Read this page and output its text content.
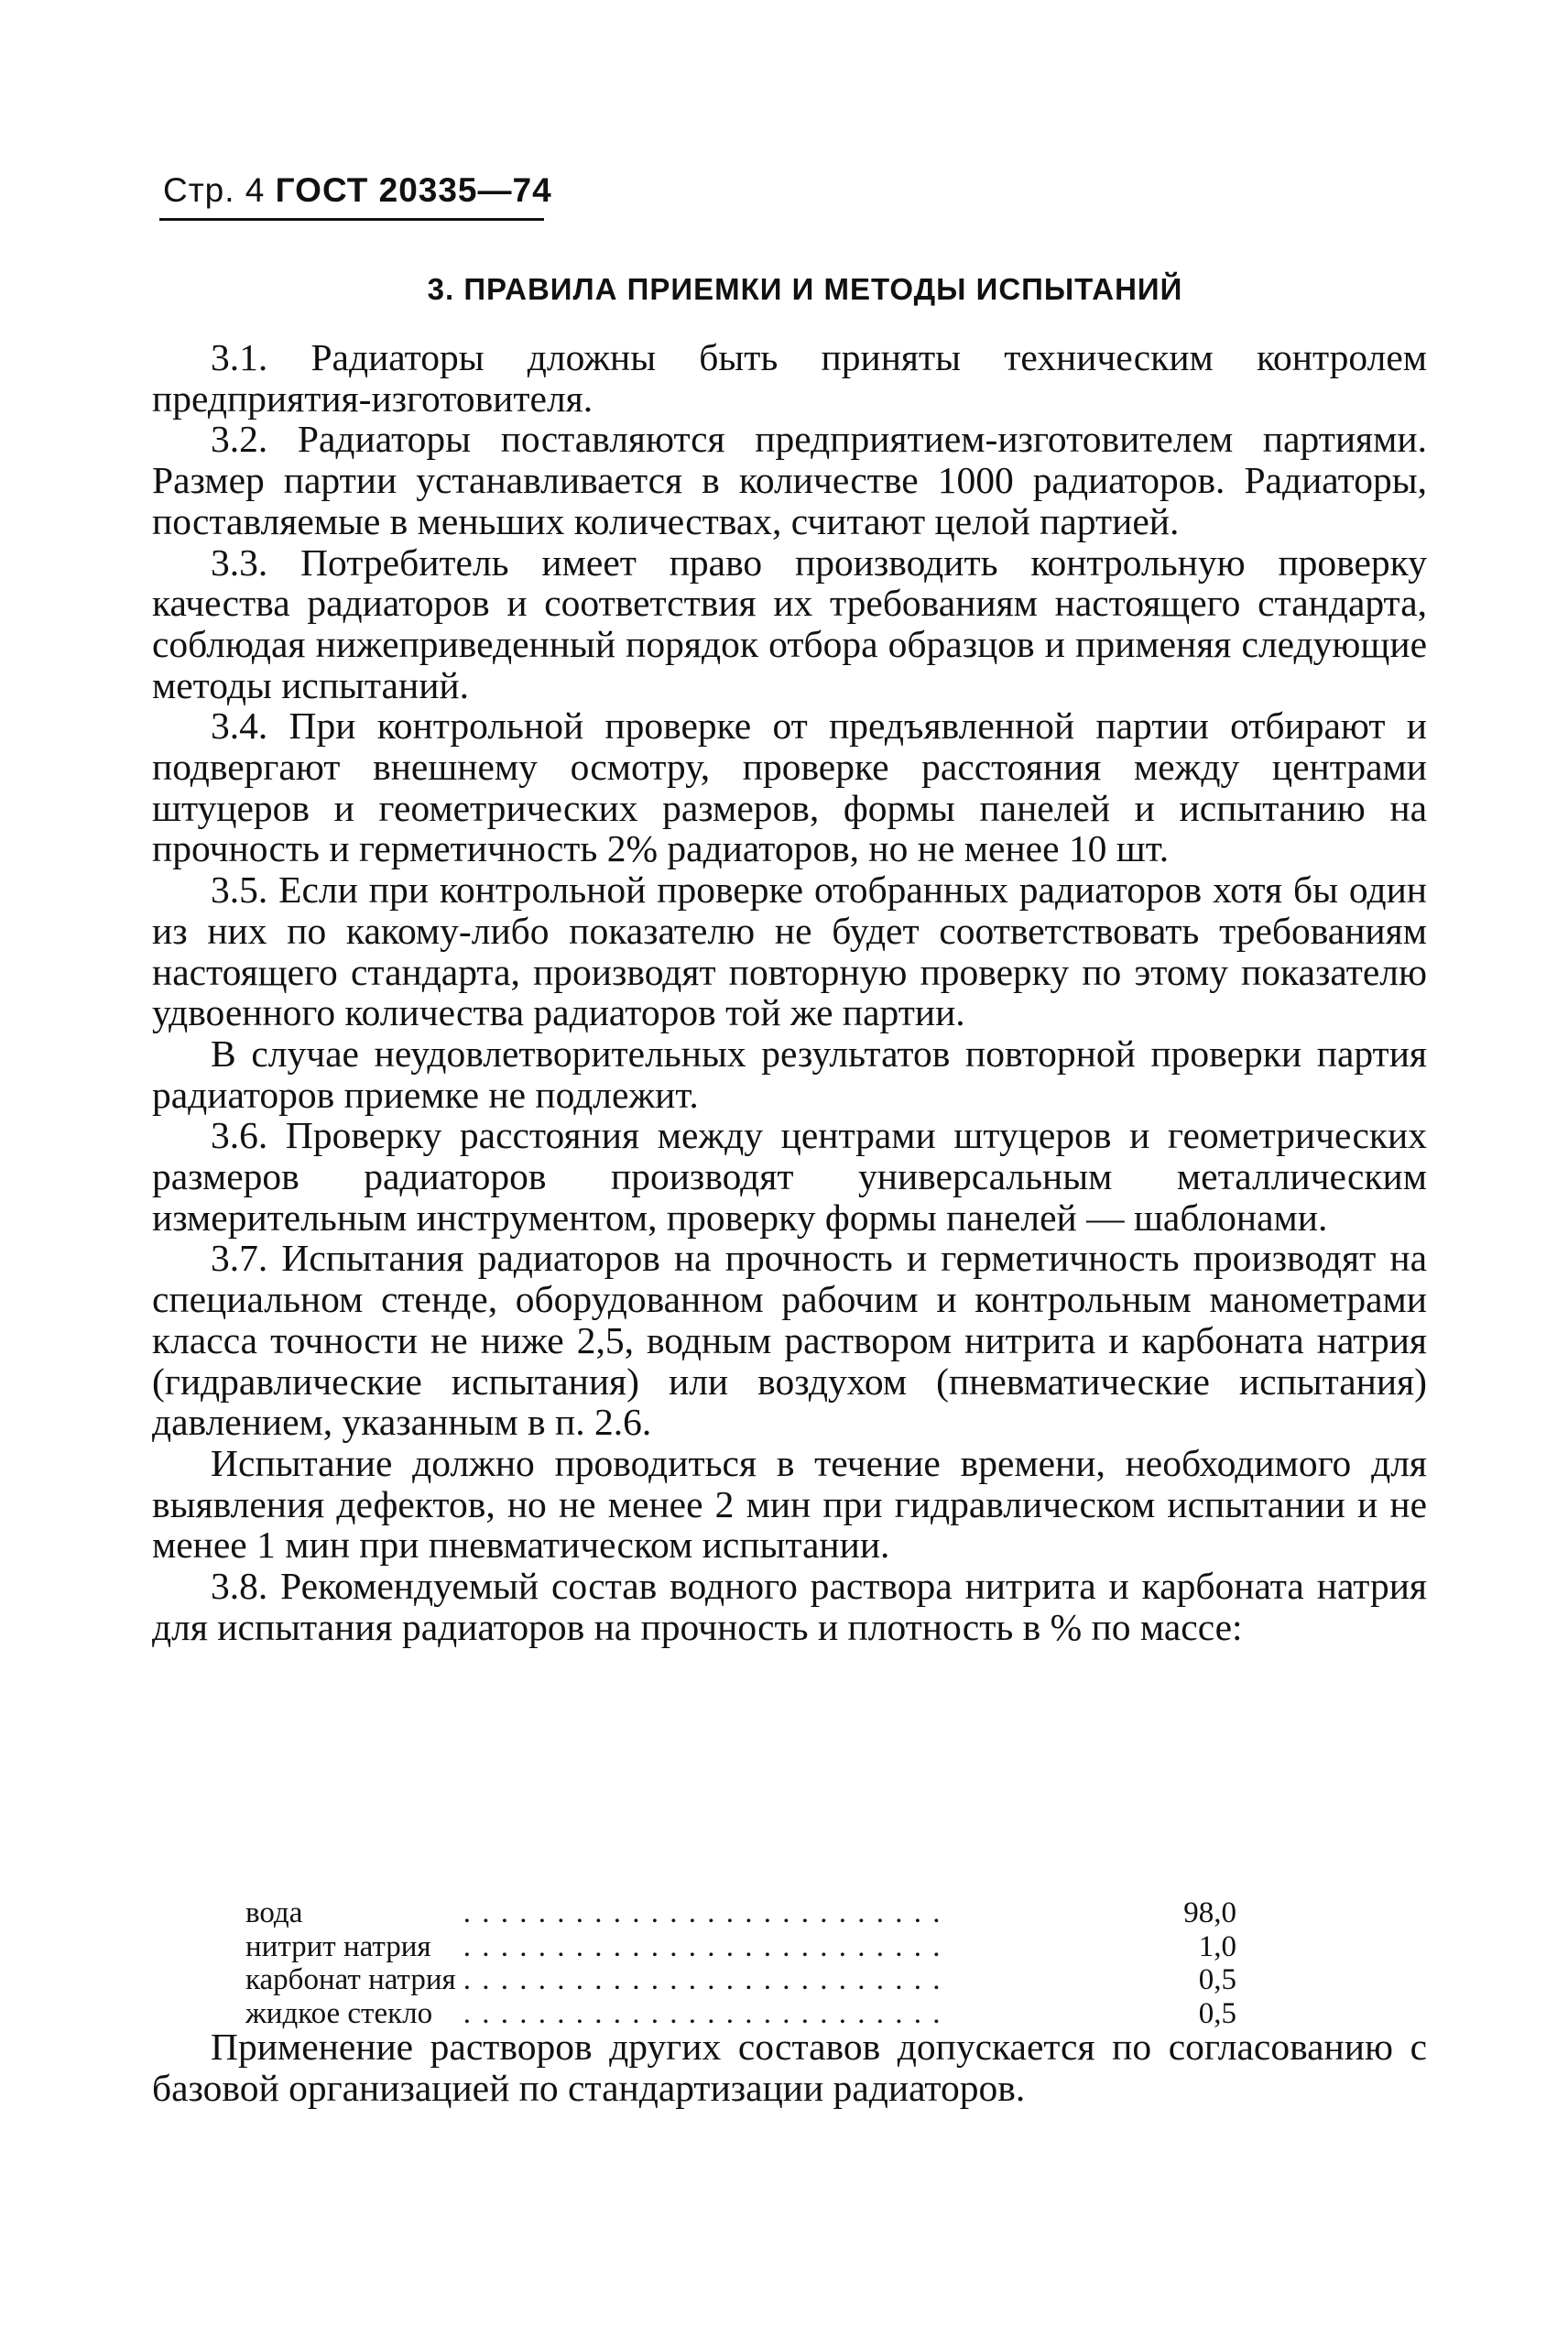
Стр. 4 ГОСТ 20335—74
3. ПРАВИЛА ПРИЕМКИ И МЕТОДЫ ИСПЫТАНИЙ

3.1. Радиаторы дложны быть приняты техническим контролем предприятия-изготовителя.

3.2. Радиаторы поставляются предприятием-изготовителем партиями. Размер партии устанавливается в количестве 1000 радиаторов. Радиаторы, поставляемые в меньших количествах, считают целой партией.

3.3. Потребитель имеет право производить контрольную проверку качества радиаторов и соответствия их требованиям настоящего стандарта, соблюдая нижеприведенный порядок отбора образцов и применяя следующие методы испытаний.

3.4. При контрольной проверке от предъявленной партии отбирают и подвергают внешнему осмотру, проверке расстояния между центрами штуцеров и геометрических размеров, формы панелей и испытанию на прочность и герметичность 2% радиаторов, но не менее 10 шт.

3.5. Если при контрольной проверке отобранных радиаторов хотя бы один из них по какому-либо показателю не будет соответствовать требованиям настоящего стандарта, производят повторную проверку по этому показателю удвоенного количества радиаторов той же партии.

В случае неудовлетворительных результатов повторной проверки партия радиаторов приемке не подлежит.

3.6. Проверку расстояния между центрами штуцеров и геометрических размеров радиаторов производят универсальным металлическим измерительным инструментом, проверку формы панелей — шаблонами.

3.7. Испытания радиаторов на прочность и герметичность производят на специальном стенде, оборудованном рабочим и контрольным манометрами класса точности не ниже 2,5, водным раствором нитрита и карбоната натрия (гидравлические испытания) или воздухом (пневматические испытания) давлением, указанным в п. 2.6.

Испытание должно проводиться в течение времени, необходимого для выявления дефектов, но не менее 2 мин при гидравлическом испытании и не менее 1 мин при пневматическом испытании.

3.8. Рекомендуемый состав водного раствора нитрита и карбоната натрия для испытания радиаторов на прочность и плотность в % по массе:

вода	. .	98,0
нитрит натрия	. .	1,0
карбонат натрия	. .	0,5
жидкое стекло	. .	0,5

Применение растворов других составов допускается по согласованию с базовой организацией по стандартизации радиаторов.
